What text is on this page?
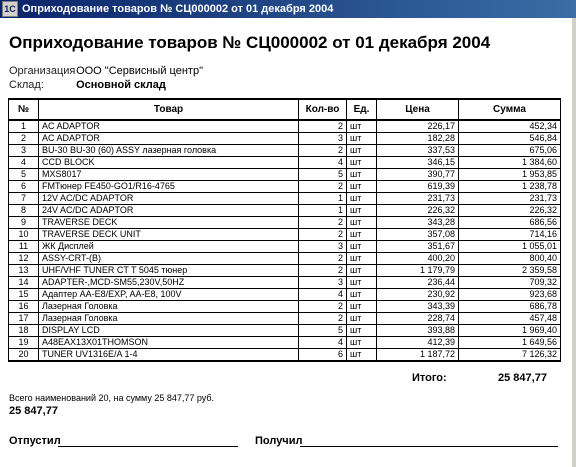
1C Оприходование товаров № СЦ000002 от 01 декабря 2004
Оприходование товаров № СЦ000002 от 01 декабря 2004
Организация ООО "Сервисный центр"
Склад:	Основной склад
№	Товар	Кол-во	Ед.	Цена	Сумма
1	AC ADAPTOR	2	шт	226,17	452,34
2	AC ADAPTOR	3	шт	182,28	546,84
3	BU-30 BU-30 (60) ASSY лазерная головка	2	шт	337,53	675,06
4	CCD BLOCK	4	шт	346,15	1 384,60
5	MXS8017	5	шт	390,77	1 953,85
6	FMТюнер FE450-GO1/R16-4765	2	шт	619,39	1 238,78
7	12V AC/DC ADAPTOR	1	шт	231,73	231,73
8	24V AC/DC ADAPTOR	1	шт	226,32	226,32
9	TRAVERSE DECK	2	шт	343,28	686,56
10	TRAVERSE DECK UNIT	2	шт	357,08	714,16
11	ЖК Дисплей	3	шт	351,67	1 055,01
12	ASSY-CRT-(B)	2	шт	400,20	800,40
13	UHF/VHF TUNER CT T 5045 тюнер	2	шт	1 179,79	2 359,58
14	ADAPTER-,MCD-SM55,230V,50HZ	3	шт	236,44	709,32
15	Адаптер AA-E8/EXP, AA-E8, 100V	4	шт	230,92	923,68
16	Лазерная Головка	2	шт	343,39	686,78
17	Лазерная Головка	2	шт	228,74	457,48
18	DISPLAY LCD	5	шт	393,88	1 969,40
19	A48EAX13X01THOMSON	4	шт	412,39	1 649,56
20	TUNER UV1316E/A 1-4	6	шт	1 187,72	7 126,32
Итого:	25 847,77
Всего наименований 20, на сумму 25 847,77 руб.
25 847,77
Отпустил	Получил
